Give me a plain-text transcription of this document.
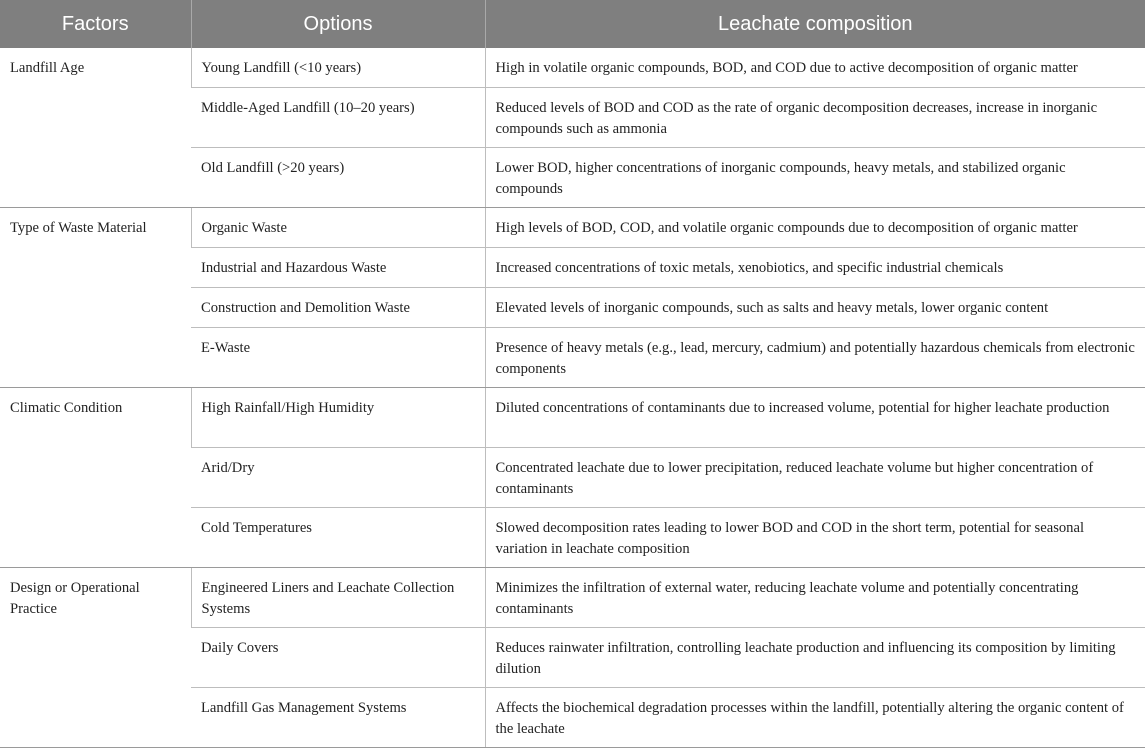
Factors	Options	Leachate composition
Landfill Age	Young Landfill (<10 years)	High in volatile organic compounds, BOD, and COD due to active decomposition of organic matter
	Middle-Aged Landfill (10–20 years)	Reduced levels of BOD and COD as the rate of organic decomposition decreases, increase in inorganic compounds such as ammonia
	Old Landfill (>20 years)	Lower BOD, higher concentrations of inorganic compounds, heavy metals, and stabilized organic compounds
Type of Waste Material	Organic Waste	High levels of BOD, COD, and volatile organic compounds due to decomposition of organic matter
	Industrial and Hazardous Waste	Increased concentrations of toxic metals, xenobiotics, and specific industrial chemicals
	Construction and Demolition Waste	Elevated levels of inorganic compounds, such as salts and heavy metals, lower organic content
	E-Waste	Presence of heavy metals (e.g., lead, mercury, cadmium) and potentially hazardous chemicals from electronic components
Climatic Condition	High Rainfall/High Humidity	Diluted concentrations of contaminants due to increased volume, potential for higher leachate production
	Arid/Dry	Concentrated leachate due to lower precipitation, reduced leachate volume but higher concentration of contaminants
	Cold Temperatures	Slowed decomposition rates leading to lower BOD and COD in the short term, potential for seasonal variation in leachate composition
Design or Operational Practice	Engineered Liners and Leachate Collection Systems	Minimizes the infiltration of external water, reducing leachate volume and potentially concentrating contaminants
	Daily Covers	Reduces rainwater infiltration, controlling leachate production and influencing its composition by limiting dilution
	Landfill Gas Management Systems	Affects the biochemical degradation processes within the landfill, potentially altering the organic content of the leachate
